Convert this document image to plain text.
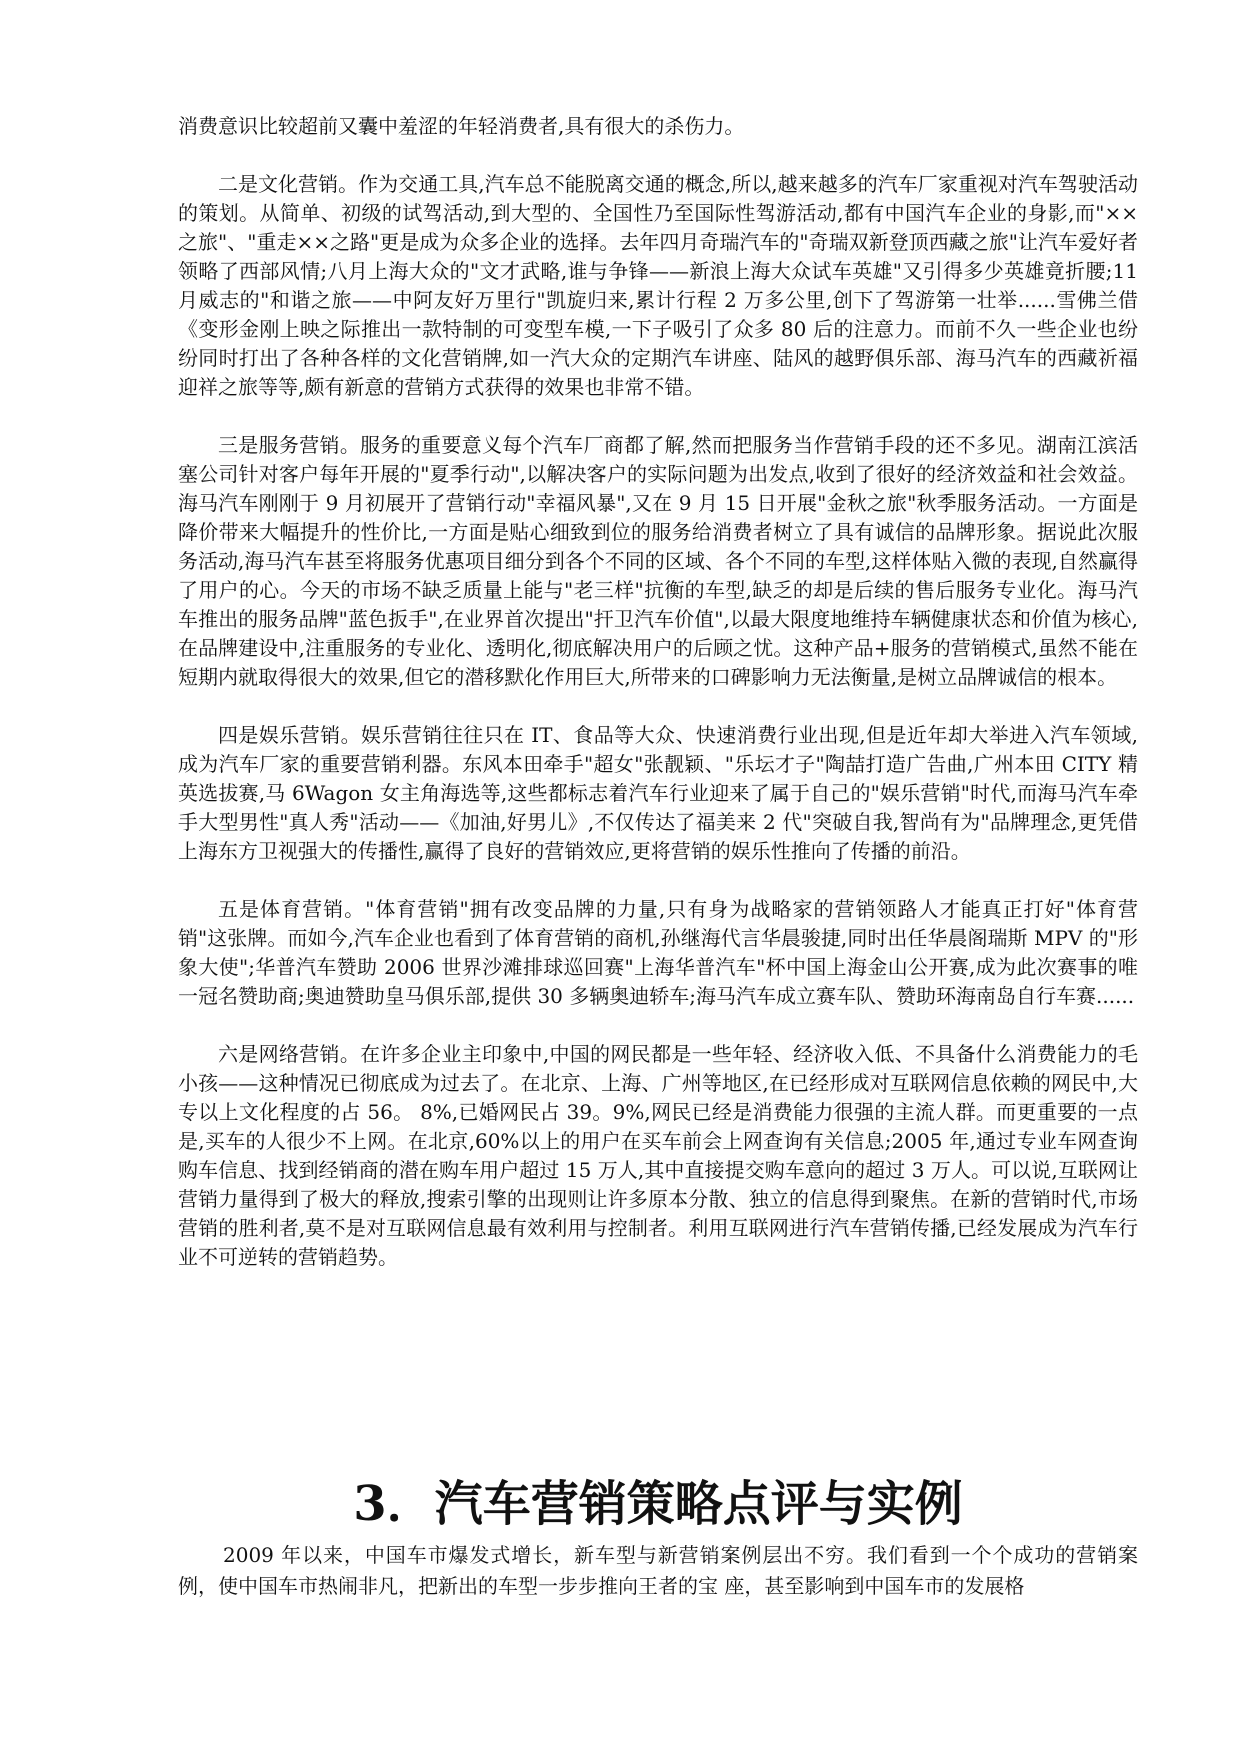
消费意识比较超前又囊中羞涩的年轻消费者,具有很大的杀伤力。

二是文化营销。作为交通工具,汽车总不能脱离交通的概念,所以,越来越多的汽车厂家重视对汽车驾驶活动的策划。从简单、初级的试驾活动,到大型的、全国性乃至国际性驾游活动,都有中国汽车企业的身影,而"××之旅"、"重走××之路"更是成为众多企业的选择。去年四月奇瑞汽车的"奇瑞双新登顶西藏之旅"让汽车爱好者领略了西部风情;八月上海大众的"文才武略,谁与争锋——新浪上海大众试车英雄"又引得多少英雄竟折腰;11 月威志的"和谐之旅——中阿友好万里行"凯旋归来,累计行程 2 万多公里,创下了驾游第一壮举......雪佛兰借《变形金刚上映之际推出一款特制的可变型车模,一下子吸引了众多 80 后的注意力。而前不久一些企业也纷纷同时打出了各种各样的文化营销牌,如一汽大众的定期汽车讲座、陆风的越野俱乐部、海马汽车的西藏祈福迎祥之旅等等,颇有新意的营销方式获得的效果也非常不错。

三是服务营销。服务的重要意义每个汽车厂商都了解,然而把服务当作营销手段的还不多见。湖南江滨活塞公司针对客户每年开展的"夏季行动",以解决客户的实际问题为出发点,收到了很好的经济效益和社会效益。海马汽车刚刚于 9 月初展开了营销行动"幸福风暴",又在 9 月 15 日开展"金秋之旅"秋季服务活动。一方面是降价带来大幅提升的性价比,一方面是贴心细致到位的服务给消费者树立了具有诚信的品牌形象。据说此次服务活动,海马汽车甚至将服务优惠项目细分到各个不同的区域、各个不同的车型,这样体贴入微的表现,自然赢得了用户的心。今天的市场不缺乏质量上能与"老三样"抗衡的车型,缺乏的却是后续的售后服务专业化。海马汽车推出的服务品牌"蓝色扳手",在业界首次提出"扞卫汽车价值",以最大限度地维持车辆健康状态和价值为核心,在品牌建设中,注重服务的专业化、透明化,彻底解决用户的后顾之忧。这种产品+服务的营销模式,虽然不能在短期内就取得很大的效果,但它的潜移默化作用巨大,所带来的口碑影响力无法衡量,是树立品牌诚信的根本。

四是娱乐营销。娱乐营销往往只在 IT、食品等大众、快速消费行业出现,但是近年却大举进入汽车领域,成为汽车厂家的重要营销利器。东风本田牵手"超女"张靓颖、"乐坛才子"陶喆打造广告曲,广州本田 CITY 精英选拔赛,马 6Wagon 女主角海选等,这些都标志着汽车行业迎来了属于自己的"娱乐营销"时代,而海马汽车牵手大型男性"真人秀"活动——《加油,好男儿》,不仅传达了福美来 2 代"突破自我,智尚有为"品牌理念,更凭借上海东方卫视强大的传播性,赢得了良好的营销效应,更将营销的娱乐性推向了传播的前沿。

五是体育营销。"体育营销"拥有改变品牌的力量,只有身为战略家的营销领路人才能真正打好"体育营销"这张牌。而如今,汽车企业也看到了体育营销的商机,孙继海代言华晨骏捷,同时出任华晨阁瑞斯 MPV 的"形象大使";华普汽车赞助 2006 世界沙滩排球巡回赛"上海华普汽车"杯中国上海金山公开赛,成为此次赛事的唯一冠名赞助商;奥迪赞助皇马俱乐部,提供 30 多辆奥迪轿车;海马汽车成立赛车队、赞助环海南岛自行车赛......

六是网络营销。在许多企业主印象中,中国的网民都是一些年轻、经济收入低、不具备什么消费能力的毛小孩——这种情况已彻底成为过去了。在北京、上海、广州等地区,在已经形成对互联网信息依赖的网民中,大专以上文化程度的占 56。 8%,已婚网民占 39。9%,网民已经是消费能力很强的主流人群。而更重要的一点是,买车的人很少不上网。在北京,60%以上的用户在买车前会上网查询有关信息;2005 年,通过专业车网查询购车信息、找到经销商的潜在购车用户超过 15 万人,其中直接提交购车意向的超过 3 万人。可以说,互联网让营销力量得到了极大的释放,搜索引擎的出现则让许多原本分散、独立的信息得到聚焦。在新的营销时代,市场营销的胜利者,莫不是对互联网信息最有效利用与控制者。利用互联网进行汽车营销传播,已经发展成为汽车行业不可逆转的营销趋势。

3．汽车营销策略点评与实例

2009 年以来，中国车市爆发式增长，新车型与新营销案例层出不穷。我们看到一个个成功的营销案例，使中国车市热闹非凡，把新出的车型一步步推向王者的宝 座，甚至影响到中国车市的发展格
